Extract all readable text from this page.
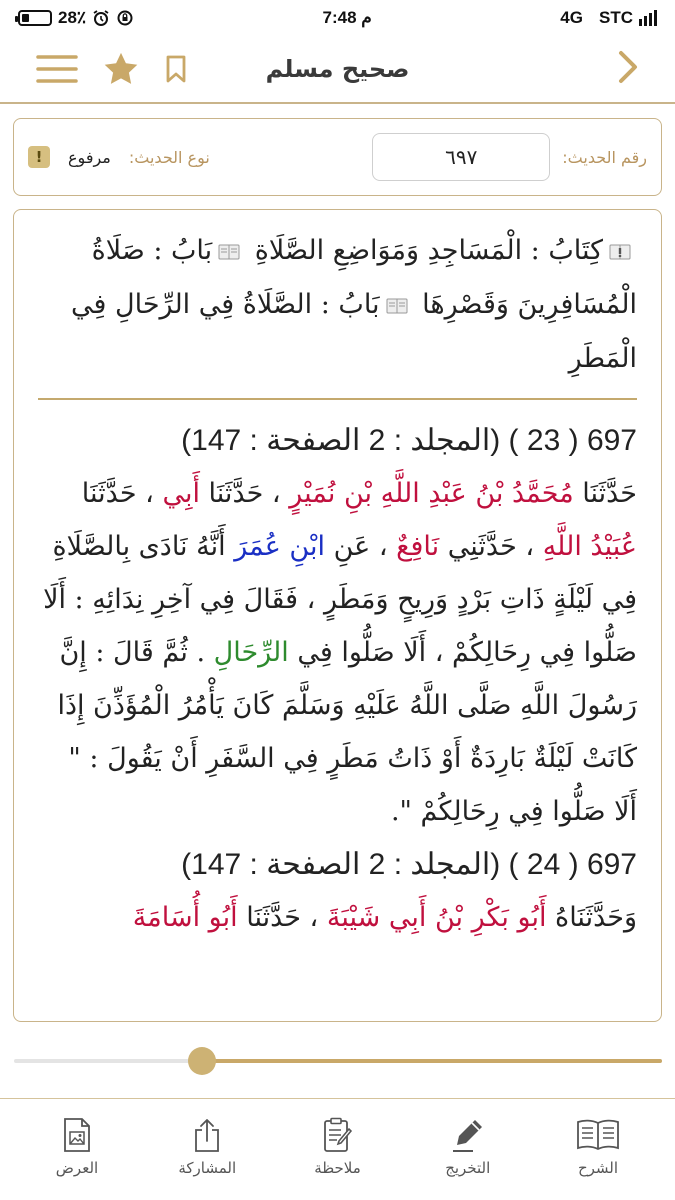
28٪	7:48 م	4G STC
صحيح مسلم
رقم الحديث:
٦٩٧
نوع الحديث:
مرفوع
!
كِتَابُ : الْمَسَاجِدِ وَمَوَاضِعِ الصَّلَاةِ بَابُ : صَلَاةُ الْمُسَافِرِينَ وَقَصْرِهَا بَابُ : الصَّلَاةُ فِي الرِّحَالِ فِي الْمَطَرِ
697 ( 23 ) (المجلد : 2 الصفحة : 147)
حَدَّثَنَا مُحَمَّدُ بْنُ عَبْدِ اللَّهِ بْنِ نُمَيْرٍ ، حَدَّثَنَا أَبِي ، حَدَّثَنَا عُبَيْدُ اللَّهِ ، حَدَّثَنِي نَافِعٌ ، عَنِ ابْنِ عُمَرَ أَنَّهُ نَادَى بِالصَّلَاةِ فِي لَيْلَةٍ ذَاتِ بَرْدٍ وَرِيحٍ وَمَطَرٍ ، فَقَالَ فِي آخِرِ نِدَائِهِ : أَلَا صَلُّوا فِي رِحَالِكُمْ ، أَلَا صَلُّوا فِي الرِّحَالِ . ثُمَّ قَالَ : إِنَّ رَسُولَ اللَّهِ صَلَّى اللَّهُ عَلَيْهِ وَسَلَّمَ كَانَ يَأْمُرُ الْمُؤَذِّنَ إِذَا كَانَتْ لَيْلَةٌ بَارِدَةٌ أَوْ ذَاتُ مَطَرٍ فِي السَّفَرِ أَنْ يَقُولَ : " أَلَا صَلُّوا فِي رِحَالِكُمْ ".
697 ( 24 ) (المجلد : 2 الصفحة : 147)
وَحَدَّثَنَاهُ أَبُو بَكْرِ بْنُ أَبِي شَيْبَةَ ، حَدَّثَنَا أَبُو أُسَامَةَ
العرض	المشاركة	ملاحظة	التخريج	الشرح
